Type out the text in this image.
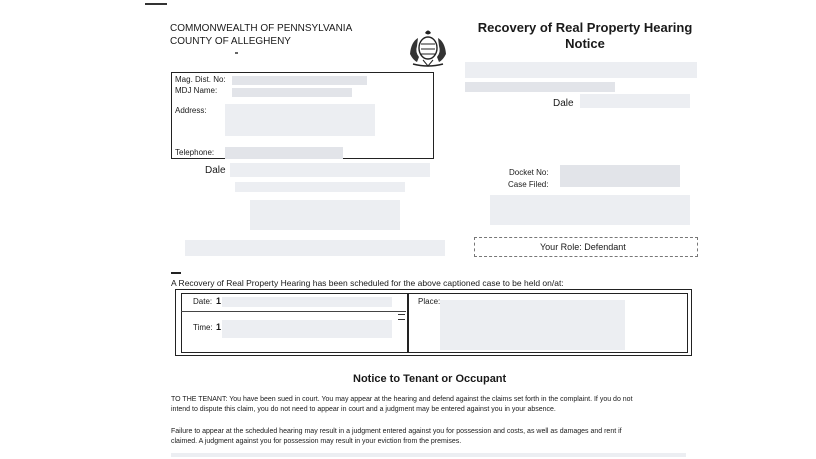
COMMONWEALTH OF PENNSYLVANIA
COUNTY OF ALLEGHENY
Recovery of Real Property Hearing
Notice
Mag. Dist. No:
MDJ Name:
Address:
Telephone:
Dale
Dale	Docket No:
Case Filed:
Your Role: Defendant
A Recovery of Real Property Hearing has been scheduled for the above captioned case to be held on/at:
Date: 1
Time: 1
Place:
Notice to Tenant or Occupant
TO THE TENANT: You have been sued in court. You may appear at the hearing and defend against the claims set forth in the complaint. If you do not
intend to dispute this claim, you do not need to appear in court and a judgment may be entered against you in your absence.
Failure to appear at the scheduled hearing may result in a judgment entered against you for possession and costs, as well as damages and rent if
claimed. A judgment against you for possession may result in your eviction from the premises.
